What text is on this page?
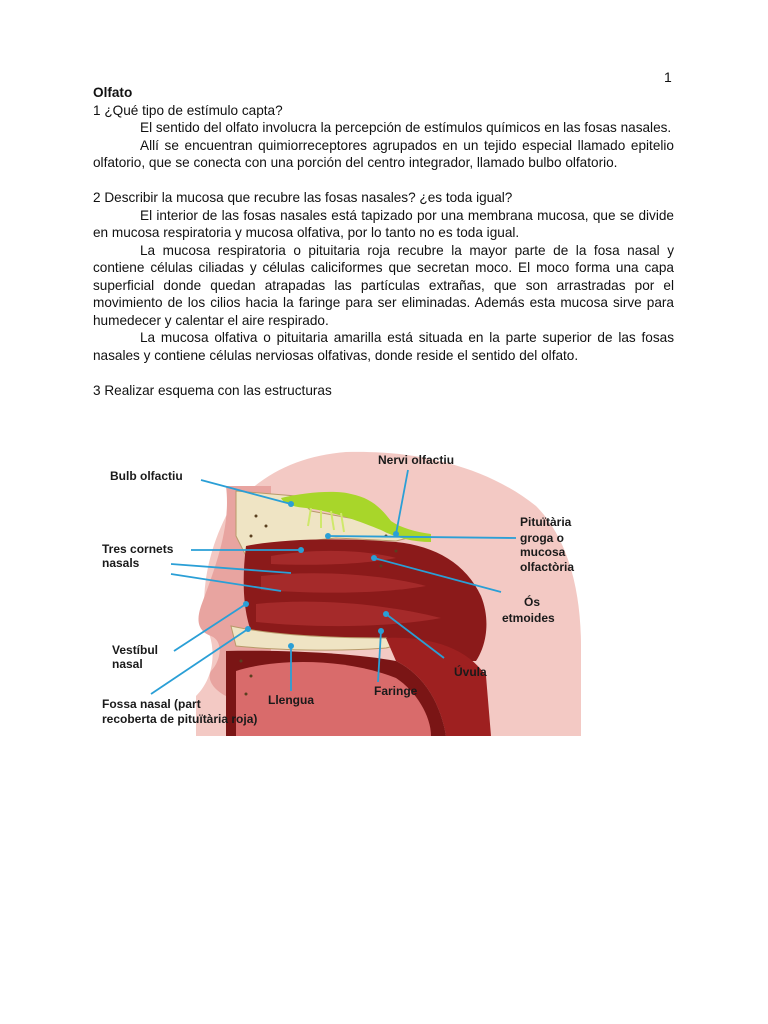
1

Olfato

1 ¿Qué tipo de estímulo capta?

El sentido del olfato involucra la percepción de estímulos químicos en las fosas nasales.

Allí se encuentran quimiorreceptores agrupados en un tejido especial llamado epitelio olfatorio, que se conecta con una porción del centro integrador, llamado bulbo olfatorio.

2 Describir la mucosa que recubre las fosas nasales? ¿es toda igual?

El interior de las fosas nasales está tapizado por una membrana mucosa, que se divide en mucosa respiratoria y mucosa olfativa, por lo tanto no es toda igual.

La mucosa respiratoria o pituitaria roja recubre la mayor parte de la fosa nasal y contiene células ciliadas y células caliciformes que secretan moco. El moco forma una capa superficial donde quedan atrapadas las partículas extrañas, que son arrastradas por el movimiento de los cilios hacia la faringe para ser eliminadas. Además esta mucosa sirve para humedecer y calentar el aire respirado.

La mucosa olfativa o pituitaria amarilla está situada en la parte superior de las fosas nasales y contiene células nerviosas olfativas, donde reside el sentido del olfato.

3 Realizar esquema con las estructuras

Bulb olfactiu
Nervi olfactiu
Tres cornets
nasals
Pituïtària
groga o
mucosa
olfactòria
Ós
etmoides
Vestíbul
nasal
Úvula
Faringe
Llengua
Fossa nasal (part
recoberta de pituïtària roja)
